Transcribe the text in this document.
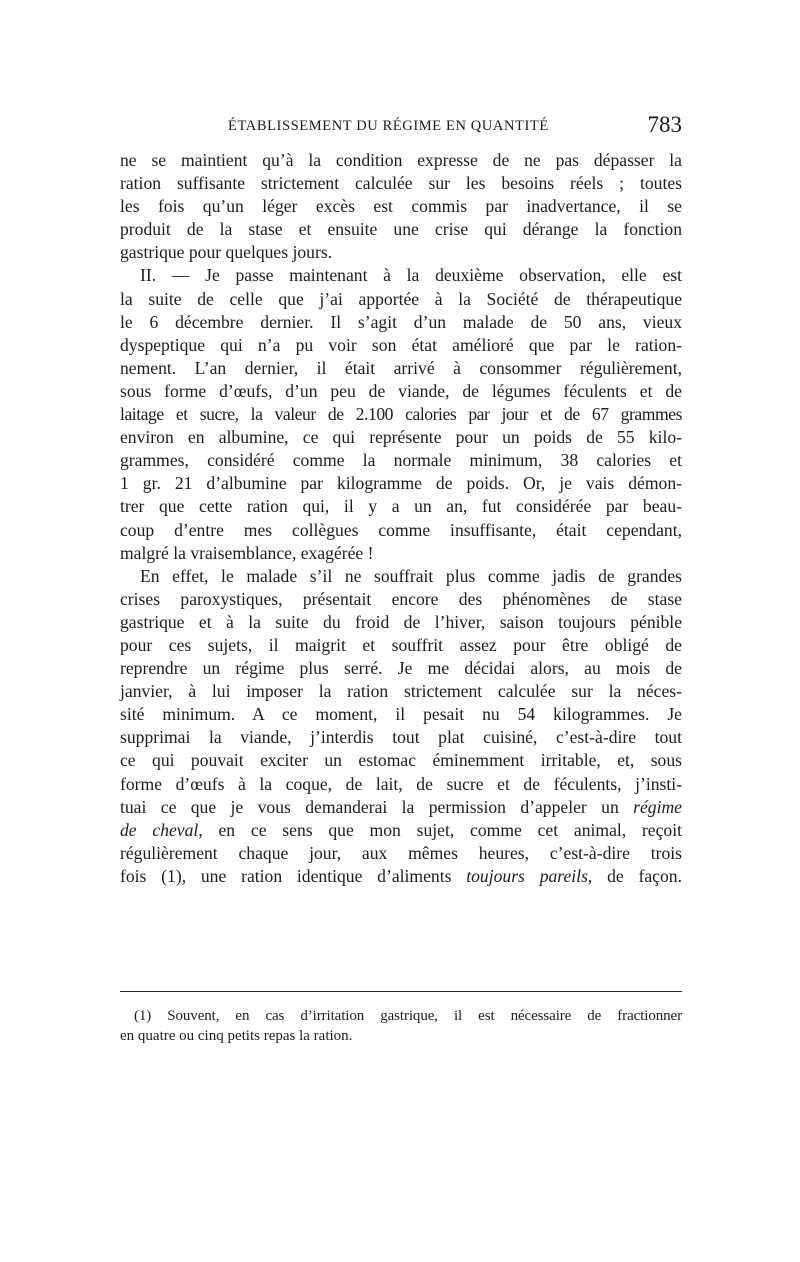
ÉTABLISSEMENT DU RÉGIME EN QUANTITÉ	783
ne se maintient qu’à la condition expresse de ne pas dépasser la
ration suffisante strictement calculée sur les besoins réels ; toutes
les fois qu’un léger excès est commis par inadvertance, il se
produit de la stase et ensuite une crise qui dérange la fonction
gastrique pour quelques jours.
II. — Je passe maintenant à la deuxième observation, elle est
la suite de celle que j’ai apportée à la Société de thérapeutique
le 6 décembre dernier. Il s’agit d’un malade de 50 ans, vieux
dyspeptique qui n’a pu voir son état amélioré que par le ration-
nement. L’an dernier, il était arrivé à consommer régulièrement,
sous forme d’œufs, d’un peu de viande, de légumes féculents et de
laitage et sucre, la valeur de 2.100 calories par jour et de 67 grammes
environ en albumine, ce qui représente pour un poids de 55 kilo-
grammes, considéré comme la normale minimum, 38 calories et
1 gr. 21 d’albumine par kilogramme de poids. Or, je vais démon-
trer que cette ration qui, il y a un an, fut considérée par beau-
coup d’entre mes collègues comme insuffisante, était cependant,
malgré la vraisemblance, exagérée !
En effet, le malade s’il ne souffrait plus comme jadis de grandes
crises paroxystiques, présentait encore des phénomènes de stase
gastrique et à la suite du froid de l’hiver, saison toujours pénible
pour ces sujets, il maigrit et souffrit assez pour être obligé de
reprendre un régime plus serré. Je me décidai alors, au mois de
janvier, à lui imposer la ration strictement calculée sur la néces-
sité minimum. A ce moment, il pesait nu 54 kilogrammes. Je
supprimai la viande, j’interdis tout plat cuisiné, c’est-à-dire tout
ce qui pouvait exciter un estomac éminemment irritable, et, sous
forme d’œufs à la coque, de lait, de sucre et de féculents, j’insti-
tuai ce que je vous demanderai la permission d’appeler un régime
de cheval, en ce sens que mon sujet, comme cet animal, reçoit
régulièrement chaque jour, aux mêmes heures, c’est-à-dire trois
fois (1), une ration identique d’aliments toujours pareils, de façon.
(1) Souvent, en cas d’irritation gastrique, il est nécessaire de fractionner
en quatre ou cinq petits repas la ration.
